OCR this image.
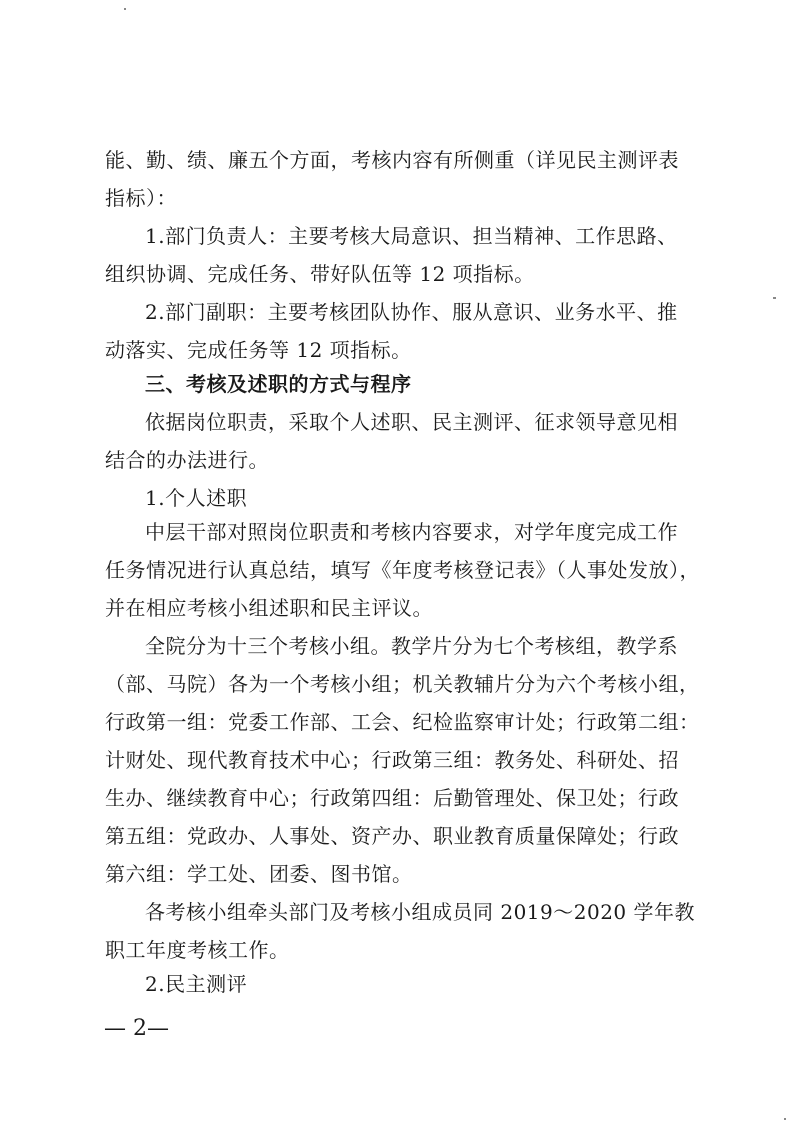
能、勤、绩、廉五个方面，考核内容有所侧重（详见民主测评表
指标）：
1.部门负责人：主要考核大局意识、担当精神、工作思路、
组织协调、完成任务、带好队伍等 12 项指标。
2.部门副职：主要考核团队协作、服从意识、业务水平、推
动落实、完成任务等 12 项指标。
三、考核及述职的方式与程序
依据岗位职责，采取个人述职、民主测评、征求领导意见相
结合的办法进行。
1.个人述职
中层干部对照岗位职责和考核内容要求，对学年度完成工作
任务情况进行认真总结，填写《年度考核登记表》（人事处发放），
并在相应考核小组述职和民主评议。
全院分为十三个考核小组。教学片分为七个考核组，教学系
（部、马院）各为一个考核小组；机关教辅片分为六个考核小组，
行政第一组：党委工作部、工会、纪检监察审计处；行政第二组：
计财处、现代教育技术中心；行政第三组：教务处、科研处、招
生办、继续教育中心；行政第四组：后勤管理处、保卫处；行政
第五组：党政办、人事处、资产办、职业教育质量保障处；行政
第六组：学工处、团委、图书馆。
各考核小组牵头部门及考核小组成员同 2019～2020 学年教
职工年度考核工作。
2.民主测评
— 2—
